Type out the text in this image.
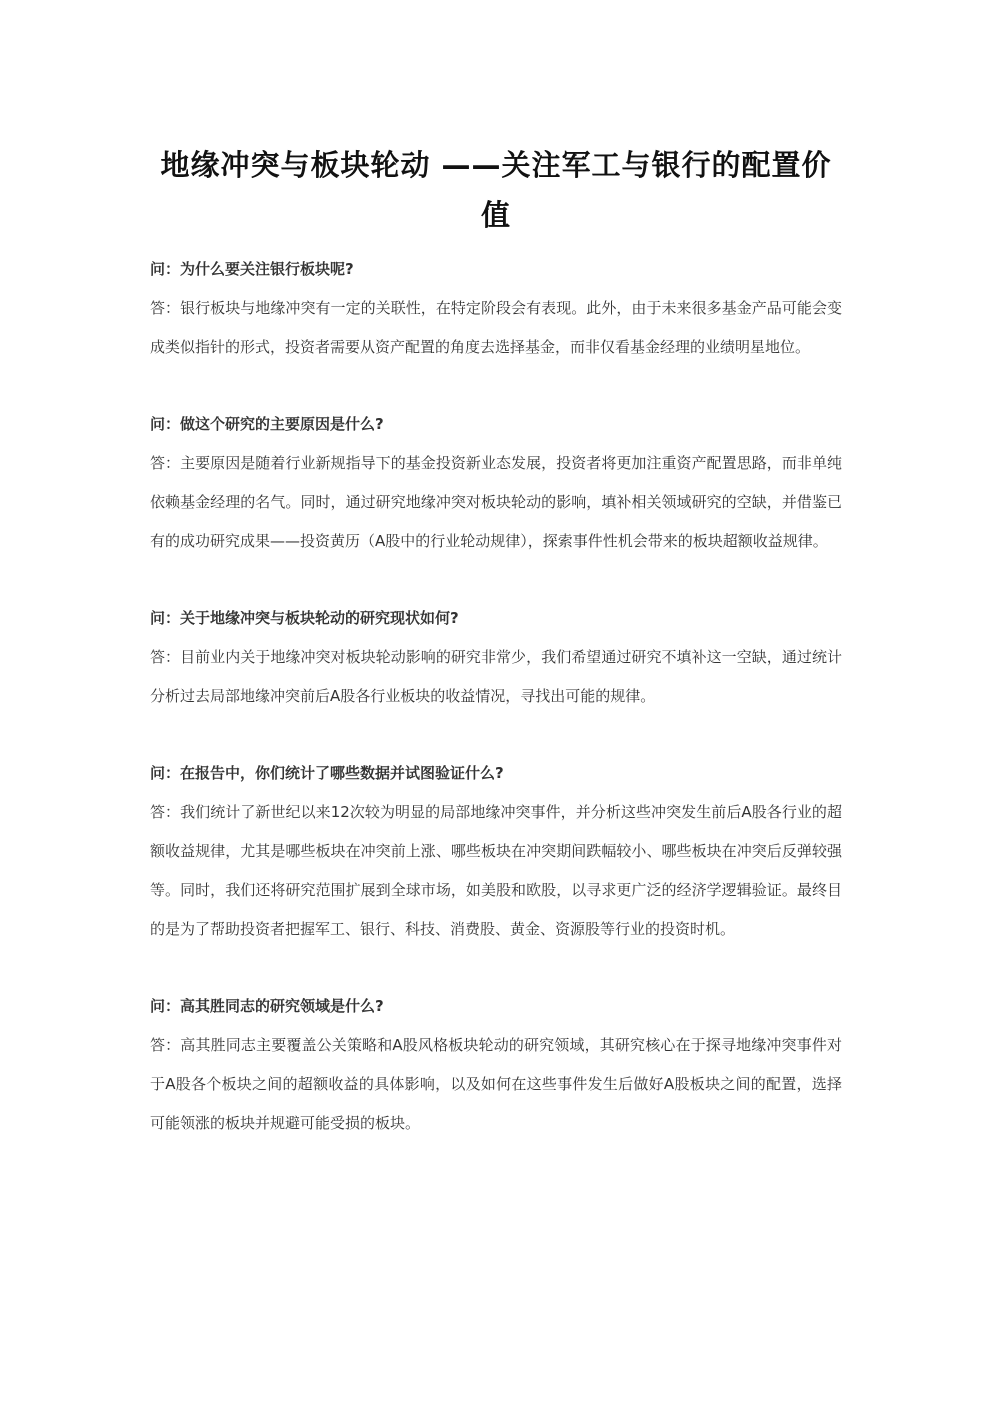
地缘冲突与板块轮动 ——关注军工与银行的配置价值
问：为什么要关注银行板块呢?
答：银行板块与地缘冲突有一定的关联性，在特定阶段会有表现。此外，由于未来很多基金产品可能会变成类似指针的形式，投资者需要从资产配置的角度去选择基金，而非仅看基金经理的业绩明星地位。
问：做这个研究的主要原因是什么?
答：主要原因是随着行业新规指导下的基金投资新业态发展，投资者将更加注重资产配置思路，而非单纯依赖基金经理的名气。同时，通过研究地缘冲突对板块轮动的影响，填补相关领域研究的空缺，并借鉴已有的成功研究成果——投资黄历（A股中的行业轮动规律），探索事件性机会带来的板块超额收益规律。
问：关于地缘冲突与板块轮动的研究现状如何?
答：目前业内关于地缘冲突对板块轮动影响的研究非常少，我们希望通过研究不填补这一空缺，通过统计分析过去局部地缘冲突前后A股各行业板块的收益情况，寻找出可能的规律。
问：在报告中，你们统计了哪些数据并试图验证什么?
答：我们统计了新世纪以来12次较为明显的局部地缘冲突事件，并分析这些冲突发生前后A股各行业的超额收益规律，尤其是哪些板块在冲突前上涨、哪些板块在冲突期间跌幅较小、哪些板块在冲突后反弹较强等。同时，我们还将研究范围扩展到全球市场，如美股和欧股，以寻求更广泛的经济学逻辑验证。最终目的是为了帮助投资者把握军工、银行、科技、消费股、黄金、资源股等行业的投资时机。
问：高其胜同志的研究领域是什么?
答：高其胜同志主要覆盖公关策略和A股风格板块轮动的研究领域，其研究核心在于探寻地缘冲突事件对于A股各个板块之间的超额收益的具体影响，以及如何在这些事件发生后做好A股板块之间的配置，选择可能领涨的板块并规避可能受损的板块。
